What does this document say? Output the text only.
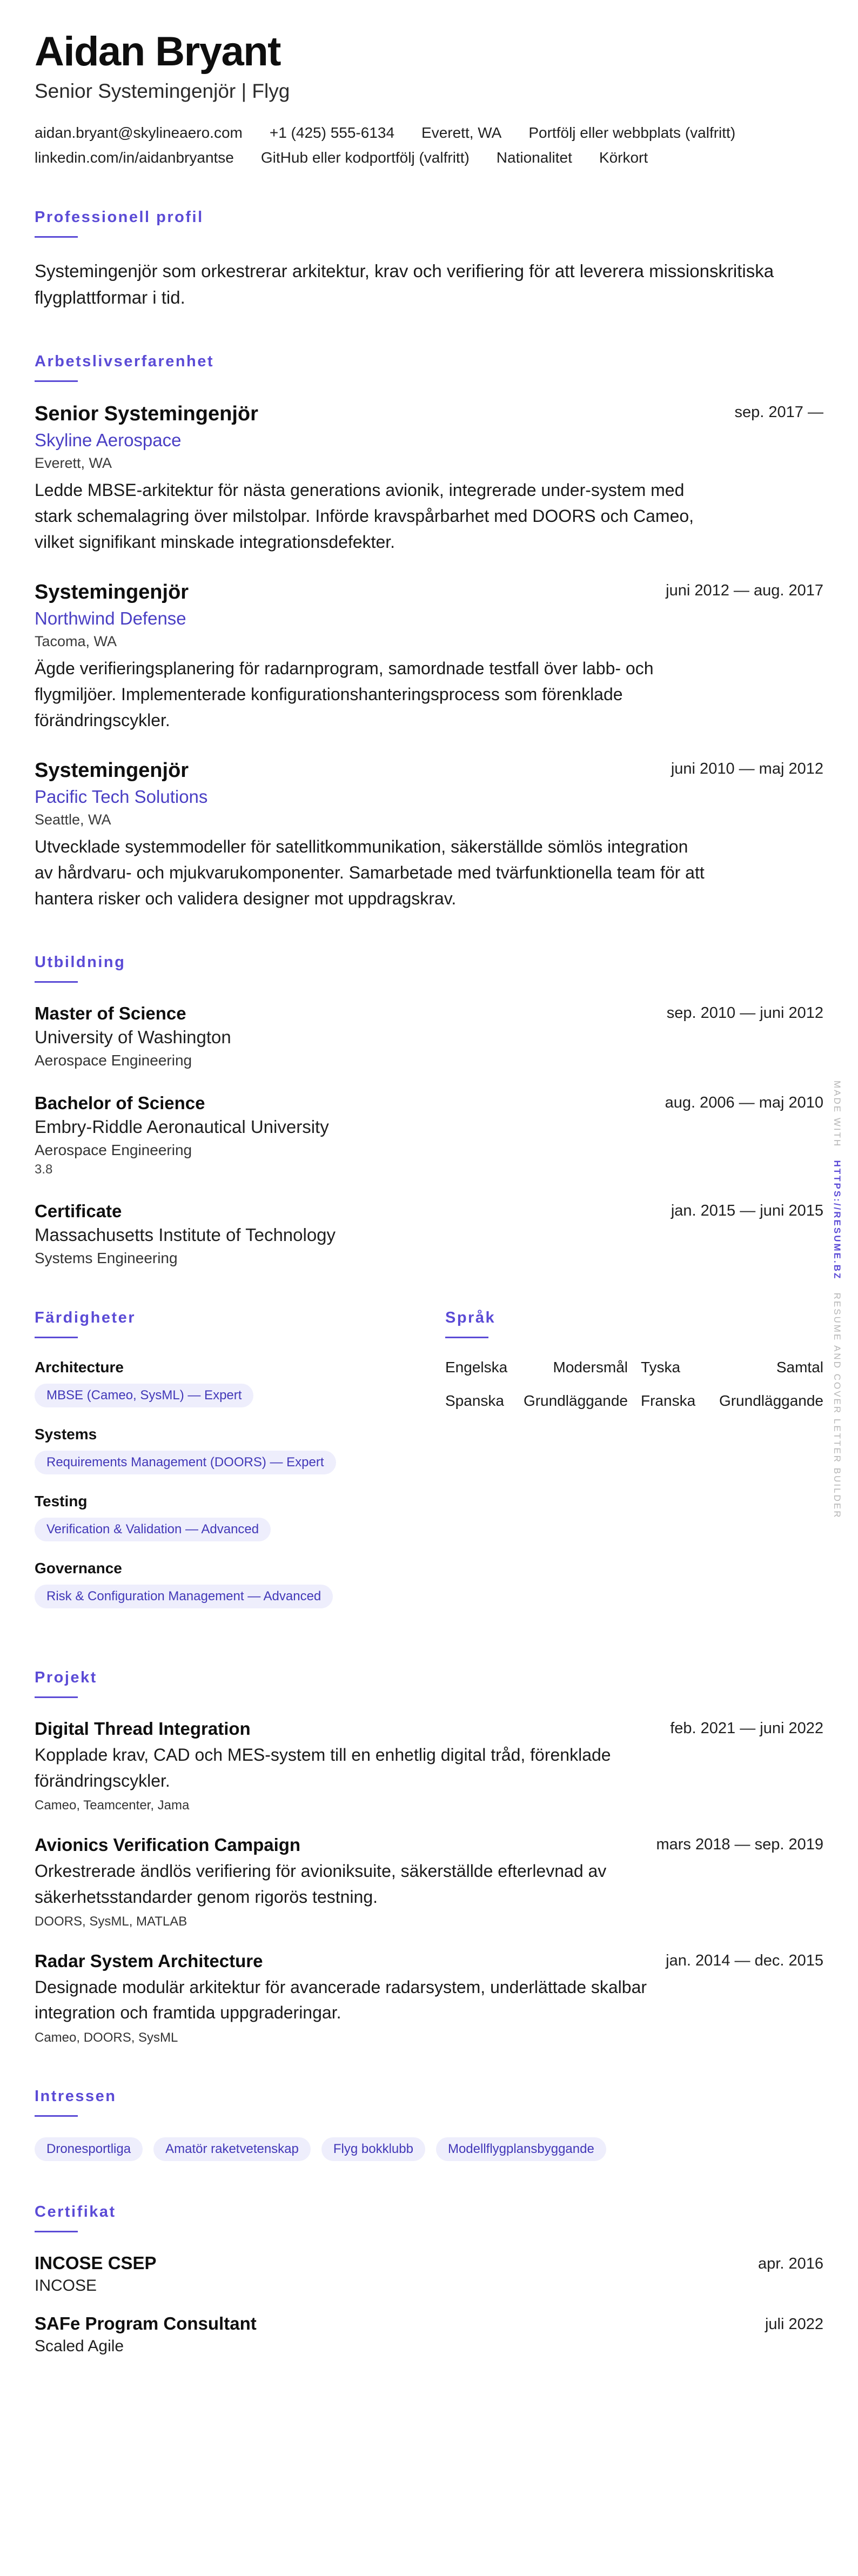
Aidan Bryant
Senior Systemingenjör | Flyg
aidan.bryant@skylineaero.com +1 (425) 555-6134 Everett, WA Portfölj eller webbplats (valfritt)
linkedin.com/in/aidanbryantse GitHub eller kodportfölj (valfritt) Nationalitet Körkort
Professionell profil

Systemingenjör som orkestrerar arkitektur, krav och verifiering för att leverera missionskritiska flygplattformar i tid.

Arbetslivserfarenhet
Senior Systemingenjör	sep. 2017 —
Skyline Aerospace
Everett, WA
Ledde MBSE-arkitektur för nästa generations avionik, integrerade under-system med stark schemalagring över milstolpar. Införde kravspårbarhet med DOORS och Cameo, vilket signifikant minskade integrationsdefekter.
Systemingenjör	juni 2012 — aug. 2017
Northwind Defense
Tacoma, WA
Ägde verifieringsplanering för radarnprogram, samordnade testfall över labb- och flygmiljöer. Implementerade konfigurationshanteringsprocess som förenklade förändringscykler.
Systemingenjör	juni 2010 — maj 2012
Pacific Tech Solutions
Seattle, WA
Utvecklade systemmodeller för satellitkommunikation, säkerställde sömlös integration av hårdvaru- och mjukvarukomponenter. Samarbetade med tvärfunktionella team för att hantera risker och validera designer mot uppdragskrav.
Utbildning
Master of Science	sep. 2010 — juni 2012
University of Washington
Aerospace Engineering
Bachelor of Science	aug. 2006 — maj 2010
Embry-Riddle Aeronautical University
Aerospace Engineering
3.8
Certificate	jan. 2015 — juni 2015
Massachusetts Institute of Technology
Systems Engineering
Färdigheter
Architecture
MBSE (Cameo, SysML) — Expert
Systems
Requirements Management (DOORS) — Expert
Testing
Verification & Validation — Advanced
Governance
Risk & Configuration Management — Advanced
Språk
Engelska	Modersmål Tyska	Samtal
Spanska Grundläggande Franska Grundläggande
Projekt
Digital Thread Integration	feb. 2021 — juni 2022
Kopplade krav, CAD och MES-system till en enhetlig digital tråd, förenklade förändringscykler.
Cameo, Teamcenter, Jama
Avionics Verification Campaign	mars 2018 — sep. 2019
Orkestrerade ändlös verifiering för avioniksuite, säkerställde efterlevnad av säkerhetsstandarder genom rigorös testning.
DOORS, SysML, MATLAB
Radar System Architecture	jan. 2014 — dec. 2015
Designade modulär arkitektur för avancerade radarsystem, underlättade skalbar integration och framtida uppgraderingar.
Cameo, DOORS, SysML
Intressen
Dronesportliga	Amatör raketvetenskap	Flyg bokklubb	Modellflygplansbyggande
Certifikat
INCOSE CSEP	apr. 2016
INCOSE
SAFe Program Consultant	juli 2022
Scaled Agile
MADE WITH   HTTPS://RESUME.BZ   RESUME AND COVER LETTER BUILDER
